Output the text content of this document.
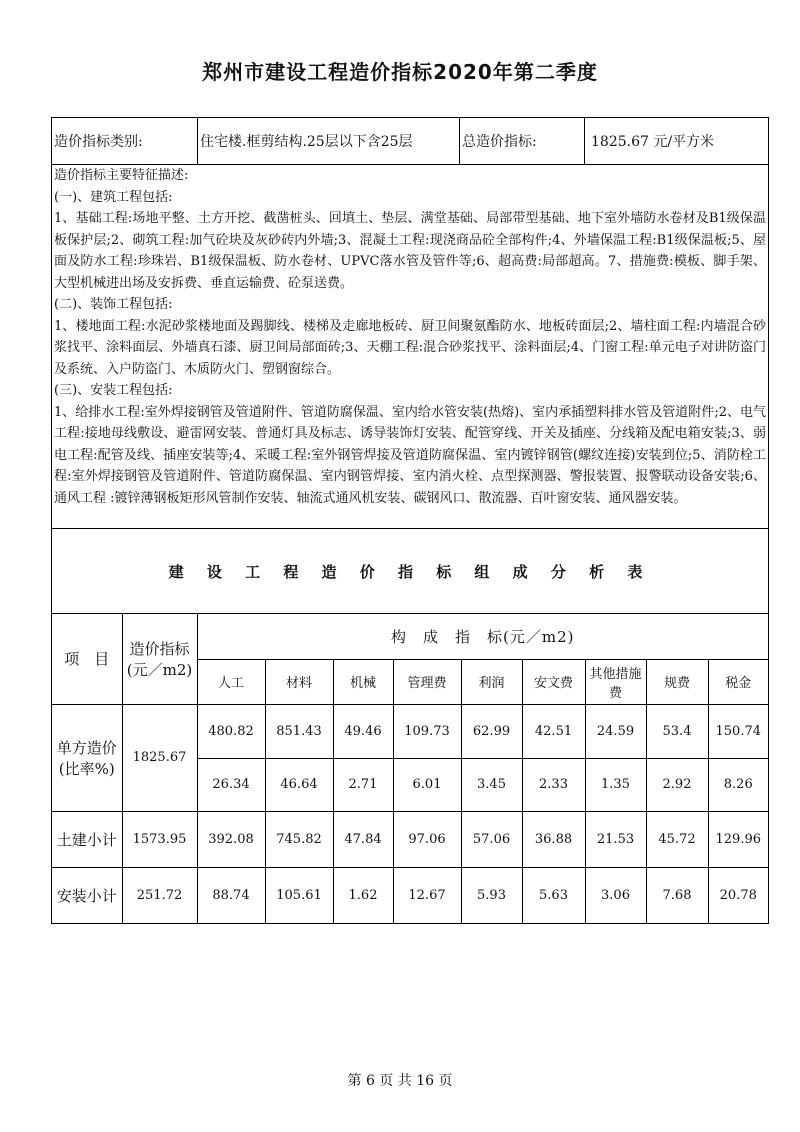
郑州市建设工程造价指标2020年第二季度
造价指标类别:	住宅楼.框剪结构.25层以下含25层	总造价指标:	1825.67 元/平方米

造价指标主要特征描述:

(一)、建筑工程包括:

1、基础工程:场地平整、土方开挖、截凿桩头、回填土、垫层、满堂基础、局部带型基础、地下室外墙防水卷材及B1级保温板保护层;2、砌筑工程:加气砼块及灰砂砖内外墙;3、混凝土工程:现浇商品砼全部构件;4、外墙保温工程:B1级保温板;5、屋面及防水工程:珍珠岩、B1级保温板、防水卷材、UPVC落水管及管件等;6、超高费:局部超高。7、措施费:模板、脚手架、大型机械进出场及安拆费、垂直运输费、砼泵送费。

(二)、装饰工程包括:

1、楼地面工程:水泥砂浆楼地面及踢脚线、楼梯及走廊地板砖、厨卫间聚氨酯防水、地板砖面层;2、墙柱面工程:内墙混合砂浆找平、涂料面层、外墙真石漆、厨卫间局部面砖;3、天棚工程:混合砂浆找平、涂料面层;4、门窗工程:单元电子对讲防盗门及系统、入户防盗门、木质防火门、塑钢窗综合。

(三)、安装工程包括:

1、给排水工程:室外焊接钢管及管道附件、管道防腐保温、室内给水管安装(热熔)、室内承插塑料排水管及管道附件;2、电气工程:接地母线敷设、避雷网安装、普通灯具及标志、诱导装饰灯安装、配管穿线、开关及插座、分线箱及配电箱安装;3、弱电工程:配管及线、插座安装等;4、采暖工程:室外钢管焊接及管道防腐保温、室内镀锌钢管(螺纹连接)安装到位;5、消防栓工程:室外焊接钢管及管道附件、管道防腐保温、室内钢管焊接、室内消火栓、点型探测器、警报装置、报警联动设备安装;6、通风工程 :镀锌薄钢板矩形风管制作安装、轴流式通风机安装、碳钢风口、散流器、百叶窗安装、通风器安装。

建 设 工 程 造 价 指 标 组 成 分 析 表
项　目	造价指标(元／m2)	构　成　指　标(元／m2)								
		人工	材料	机械	管理费	利润	安文费	其他措施费	规费	税金
单方造价(比率%)	1825.67	480.82	851.43	49.46	109.73	62.99	42.51	24.59	53.4	150.74
		26.34	46.64	2.71	6.01	3.45	2.33	1.35	2.92	8.26
土建小计	1573.95	392.08	745.82	47.84	97.06	57.06	36.88	21.53	45.72	129.96
安装小计	251.72	88.74	105.61	1.62	12.67	5.93	5.63	3.06	7.68	20.78
第 6 页 共 16 页
